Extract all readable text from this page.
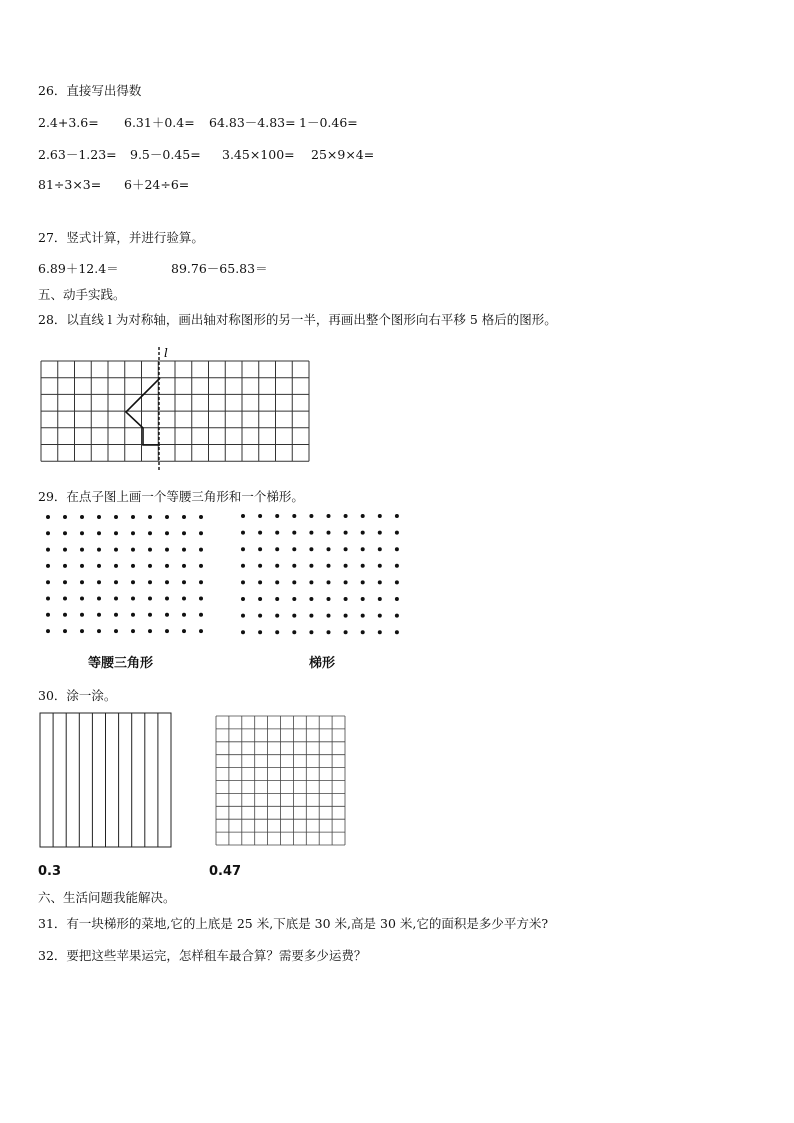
26．直接写出得数
2.4+3.6= 6.31＋0.4= 64.83－4.83= 1－0.46=
2.63－1.23= 9.5－0.45= 3.45×100= 25×9×4=
81÷3×3= 6＋24÷6=
27．竖式计算，并进行验算。
6.89＋12.4＝	89.76－65.83＝
五、动手实践。
28．以直线 l 为对称轴，画出轴对称图形的另一半，再画出整个图形向右平移 5 格后的图形。
l
29．在点子图上画一个等腰三角形和一个梯形。
等腰三角形	梯形
30．涂一涂。
0.3	0.47
六、生活问题我能解决。
31．有一块梯形的菜地,它的上底是 25 米,下底是 30 米,高是 30 米,它的面积是多少平方米?
32．要把这些苹果运完，怎样租车最合算？需要多少运费？
